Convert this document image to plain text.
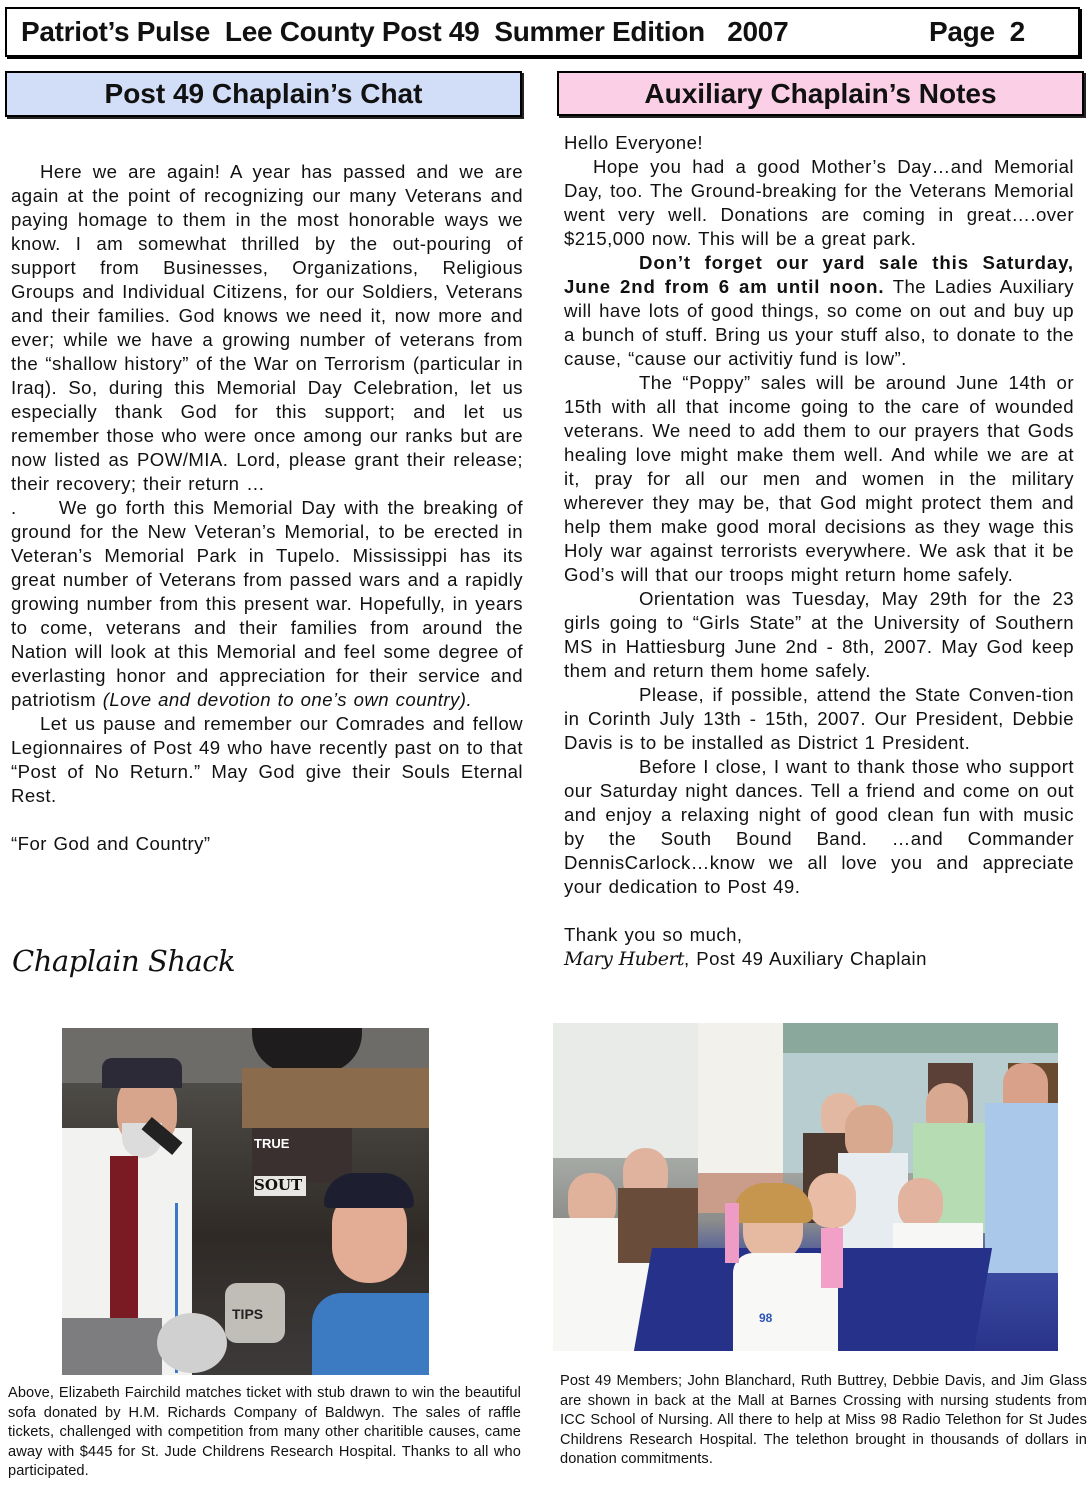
Patriot’s Pulse  Lee County Post 49  Summer Edition   2007	Page  2
Post 49 Chaplain’s Chat	Auxiliary Chaplain’s Notes

Here we are again! A year has passed and we are again at the point of recognizing our many Veterans and paying homage to them in the most honorable ways we know. I am somewhat thrilled by the out-pouring of support from Businesses, Organizations, Religious Groups and Individual Citizens, for our Soldiers, Veterans and their families. God knows we need it, now more and ever; while we have a growing number of veterans from the “shallow history” of the War on Terrorism (particular in Iraq). So, during this Memorial Day Celebration, let us especially thank God for this support; and let us remember those who were once among our ranks but are now listed as POW/MIA. Lord, please grant their release; their recovery; their return …

. We go forth this Memorial Day with the breaking of ground for the New Veteran’s Memorial, to be erected in Veteran’s Memorial Park in Tupelo. Mississippi has its great number of Veterans from passed wars and a rapidly growing number from this present war. Hopefully, in years to come, veterans and their families from around the Nation will look at this Memorial and feel some degree of everlasting honor and appreciation for their service and patriotism (Love and devotion to one’s own country).

Let us pause and remember our Comrades and fellow Legionnaires of Post 49 who have recently past on to that “Post of No Return.” May God give their Souls Eternal Rest.

“For God and Country”

Chaplain Shack

Hello Everyone!

Hope you had a good Mother’s Day…and Memorial Day, too. The Ground-breaking for the Veterans Memorial went very well. Donations are coming in great….over $215,000 now. This will be a great park.

Don’t forget our yard sale this Saturday, June 2nd from 6 am until noon. The Ladies Auxiliary will have lots of good things, so come on out and buy up a bunch of stuff. Bring us your stuff also, to donate to the cause, “cause our activitiy fund is low”.

The “Poppy” sales will be around June 14th or 15th with all that income going to the care of wounded veterans. We need to add them to our prayers that Gods healing love might make them well. And while we are at it, pray for all our men and women in the military wherever they may be, that God might protect them and help them make good moral decisions as they wage this Holy war against terrorists everywhere. We ask that it be God’s will that our troops might return home safely.

Orientation was Tuesday, May 29th for the 23 girls going to “Girls State” at the University of Southern MS in Hattiesburg June 2nd - 8th, 2007. May God keep them and return them home safely.

Please, if possible, attend the State Conven-tion in Corinth July 13th - 15th, 2007. Our President, Debbie Davis is to be installed as District 1 President.

Before I close, I want to thank those who support our Saturday night dances. Tell a friend and come on out and enjoy a relaxing night of good clean fun with music by the South Bound Band. …and Commander DennisCarlock…know we all love you and appreciate your dedication to Post 49.

Thank you so much,

Mary Hubert, Post 49 Auxiliary Chaplain

TRUE
SOUT
TIPS	98
Above, Elizabeth Fairchild matches ticket with stub drawn to win the beautiful sofa donated by H.M. Richards Company of Baldwyn. The sales of raffle tickets, challenged with competition from many other charitible causes, came away with $445 for St. Jude Childrens Research Hospital. Thanks to all who participated.
Post 49 Members; John Blanchard, Ruth Buttrey, Debbie Davis, and Jim Glass are shown in back at the Mall at Barnes Crossing with nursing students from ICC School of Nursing. All there to help at Miss 98 Radio Telethon for St Judes Childrens Research Hospital. The telethon brought in thousands of dollars in donation commitments.
